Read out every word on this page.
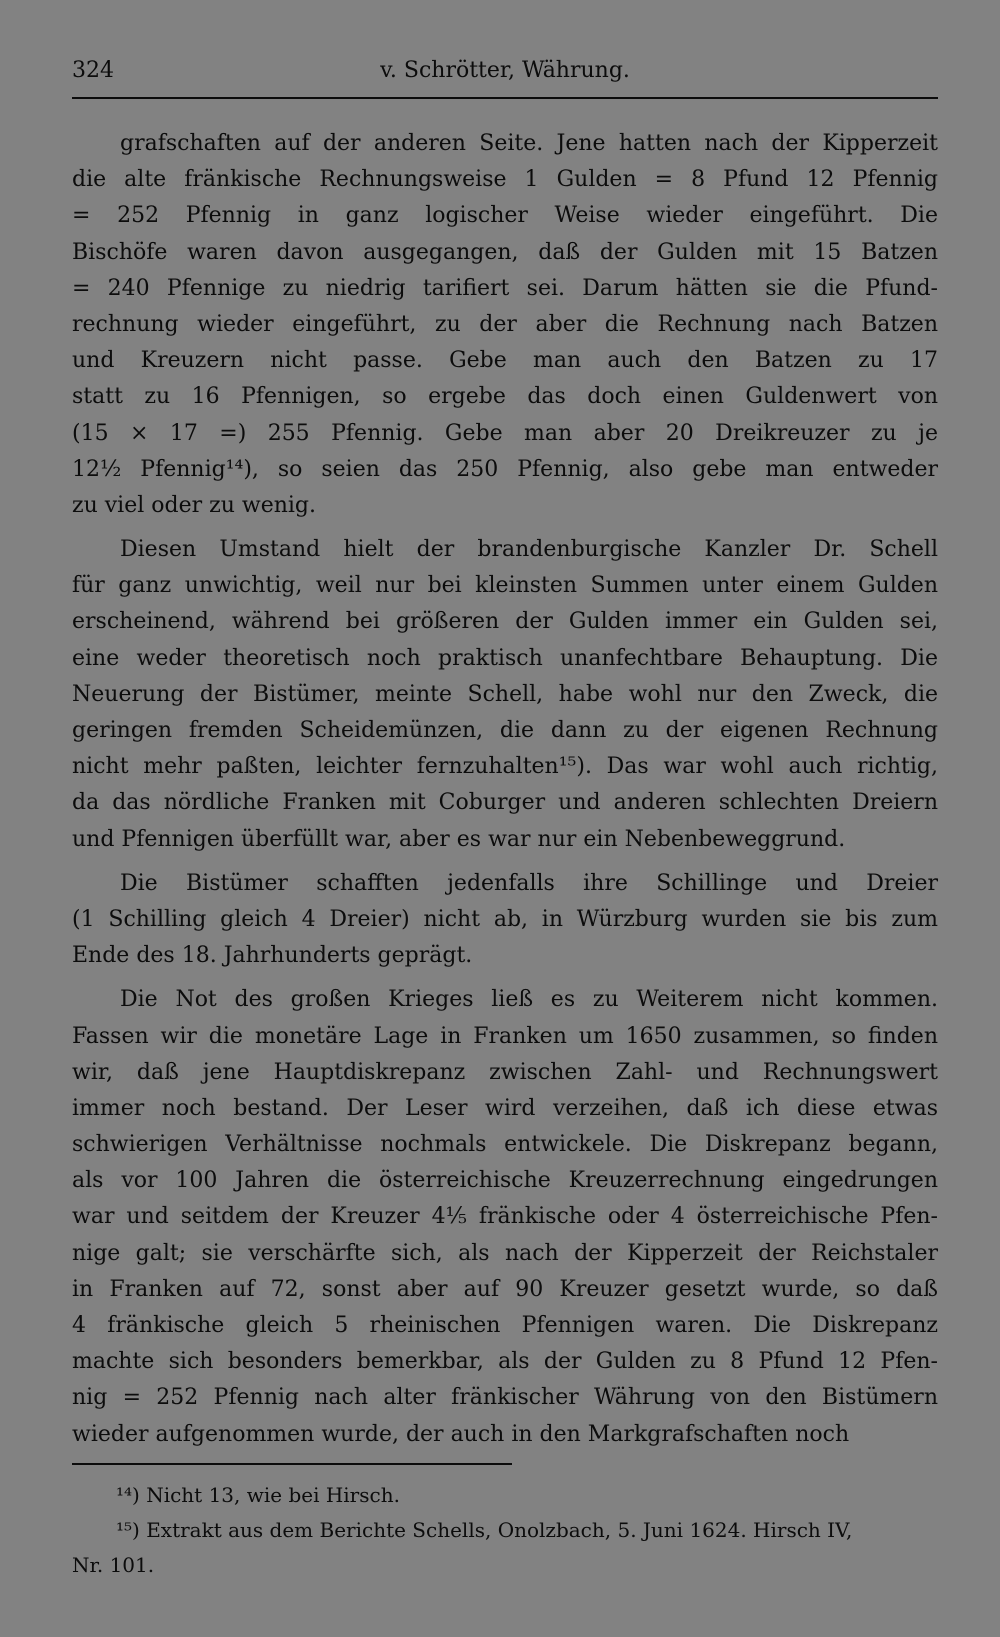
324	v. Schrötter, Währung.
grafschaften auf der anderen Seite. Jene hatten nach der Kipperzeit
die alte fränkische Rechnungsweise 1 Gulden = 8 Pfund 12 Pfennig
= 252 Pfennig in ganz logischer Weise wieder eingeführt. Die
Bischöfe waren davon ausgegangen, daß der Gulden mit 15 Batzen
= 240 Pfennige zu niedrig tarifiert sei. Darum hätten sie die Pfund-
rechnung wieder eingeführt, zu der aber die Rechnung nach Batzen
und Kreuzern nicht passe. Gebe man auch den Batzen zu 17
statt zu 16 Pfennigen, so ergebe das doch einen Guldenwert von
(15 × 17 =) 255 Pfennig. Gebe man aber 20 Dreikreuzer zu je
12½ Pfennig¹⁴), so seien das 250 Pfennig, also gebe man entweder
zu viel oder zu wenig.
Diesen Umstand hielt der brandenburgische Kanzler Dr. Schell
für ganz unwichtig, weil nur bei kleinsten Summen unter einem Gulden
erscheinend, während bei größeren der Gulden immer ein Gulden sei,
eine weder theoretisch noch praktisch unanfechtbare Behauptung. Die
Neuerung der Bistümer, meinte Schell, habe wohl nur den Zweck, die
geringen fremden Scheidemünzen, die dann zu der eigenen Rechnung
nicht mehr paßten, leichter fernzuhalten¹⁵). Das war wohl auch richtig,
da das nördliche Franken mit Coburger und anderen schlechten Dreiern
und Pfennigen überfüllt war, aber es war nur ein Nebenbeweggrund.
Die Bistümer schafften jedenfalls ihre Schillinge und Dreier
(1 Schilling gleich 4 Dreier) nicht ab, in Würzburg wurden sie bis zum
Ende des 18. Jahrhunderts geprägt.
Die Not des großen Krieges ließ es zu Weiterem nicht kommen.
Fassen wir die monetäre Lage in Franken um 1650 zusammen, so finden
wir, daß jene Hauptdiskrepanz zwischen Zahl- und Rechnungswert
immer noch bestand. Der Leser wird verzeihen, daß ich diese etwas
schwierigen Verhältnisse nochmals entwickele. Die Diskrepanz begann,
als vor 100 Jahren die österreichische Kreuzerrechnung eingedrungen
war und seitdem der Kreuzer 4⅕ fränkische oder 4 österreichische Pfen-
nige galt; sie verschärfte sich, als nach der Kipperzeit der Reichstaler
in Franken auf 72, sonst aber auf 90 Kreuzer gesetzt wurde, so daß
4 fränkische gleich 5 rheinischen Pfennigen waren. Die Diskrepanz
machte sich besonders bemerkbar, als der Gulden zu 8 Pfund 12 Pfen-
nig = 252 Pfennig nach alter fränkischer Währung von den Bistümern
wieder aufgenommen wurde, der auch in den Markgrafschaften noch
¹⁴) Nicht 13, wie bei Hirsch.
¹⁵) Extrakt aus dem Berichte Schells, Onolzbach, 5. Juni 1624. Hirsch IV,
Nr. 101.
